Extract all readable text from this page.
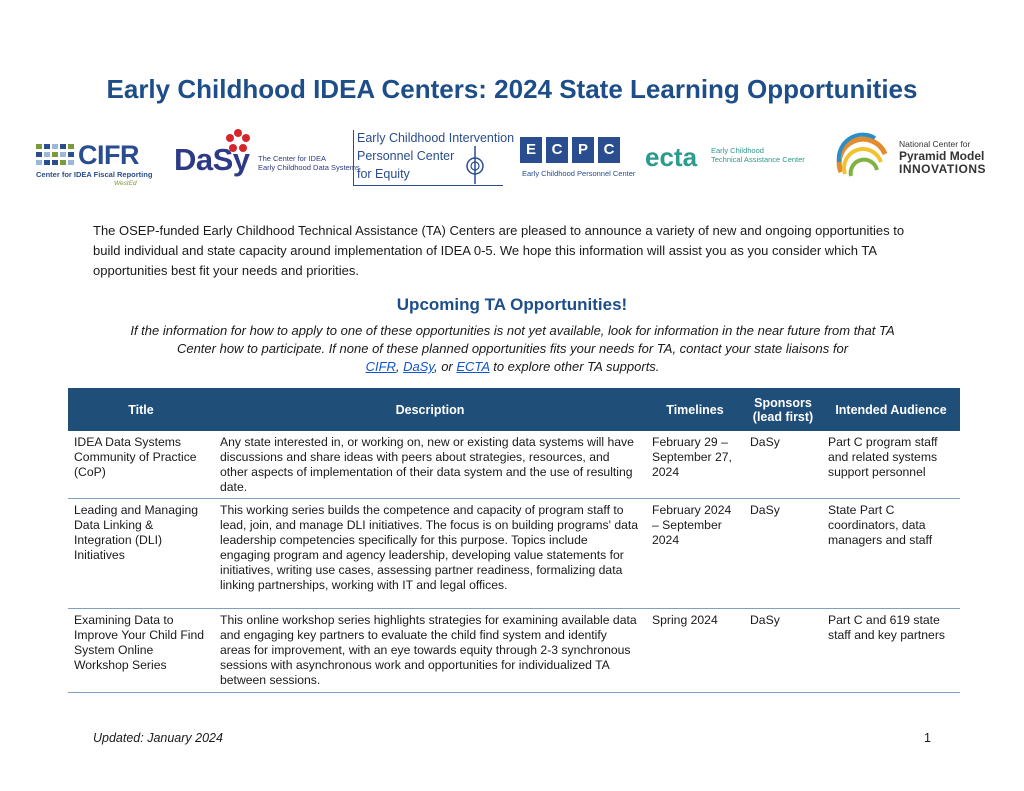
Early Childhood IDEA Centers: 2024 State Learning Opportunities
CIFR
Center for IDEA Fiscal Reporting
WestEd
DaSy The Center for IDEA
Early Childhood Data Systems
Early Childhood Intervention
Personnel Center
for Equity
E	C	P	C
Early Childhood Personnel Center
ecta Early Childhood
Technical Assistance Center
National Center for
Pyramid Model
INNOVATIONS

The OSEP-funded Early Childhood Technical Assistance (TA) Centers are pleased to announce a variety of new and ongoing opportunities to build individual and state capacity around implementation of IDEA 0-5. We hope this information will assist you as you consider which TA opportunities best fit your needs and priorities.

Upcoming TA Opportunities!

If the information for how to apply to one of these opportunities is not yet available, look for information in the near future from that TA Center how to participate. If none of these planned opportunities fits your needs for TA, contact your state liaisons for
CIFR, DaSy, or ECTA to explore other TA supports.

Title	Description	Timelines	Sponsors (lead first)	Intended Audience
IDEA Data Systems Community of Practice (CoP)	Any state interested in, or working on, new or existing data systems will have discussions and share ideas with peers about strategies, resources, and other aspects of implementation of their data system and the use of resulting date.	February 29 – September 27, 2024	DaSy	Part C program staff and related systems support personnel
Leading and Managing Data Linking & Integration (DLI) Initiatives	This working series builds the competence and capacity of program staff to lead, join, and manage DLI initiatives. The focus is on building programs' data leadership competencies specifically for this purpose. Topics include engaging program and agency leadership, developing value statements for initiatives, writing use cases, assessing partner readiness, formalizing data linking partnerships, working with IT and legal offices.	February 2024 – September 2024	DaSy	State Part C coordinators, data managers and staff
Examining Data to Improve Your Child Find System Online Workshop Series	This online workshop series highlights strategies for examining available data and engaging key partners to evaluate the child find system and identify areas for improvement, with an eye towards equity through 2-3 synchronous sessions with asynchronous work and opportunities for individualized TA between sessions.	Spring 2024	DaSy	Part C and 619 state staff and key partners
Updated: January 2024	1
